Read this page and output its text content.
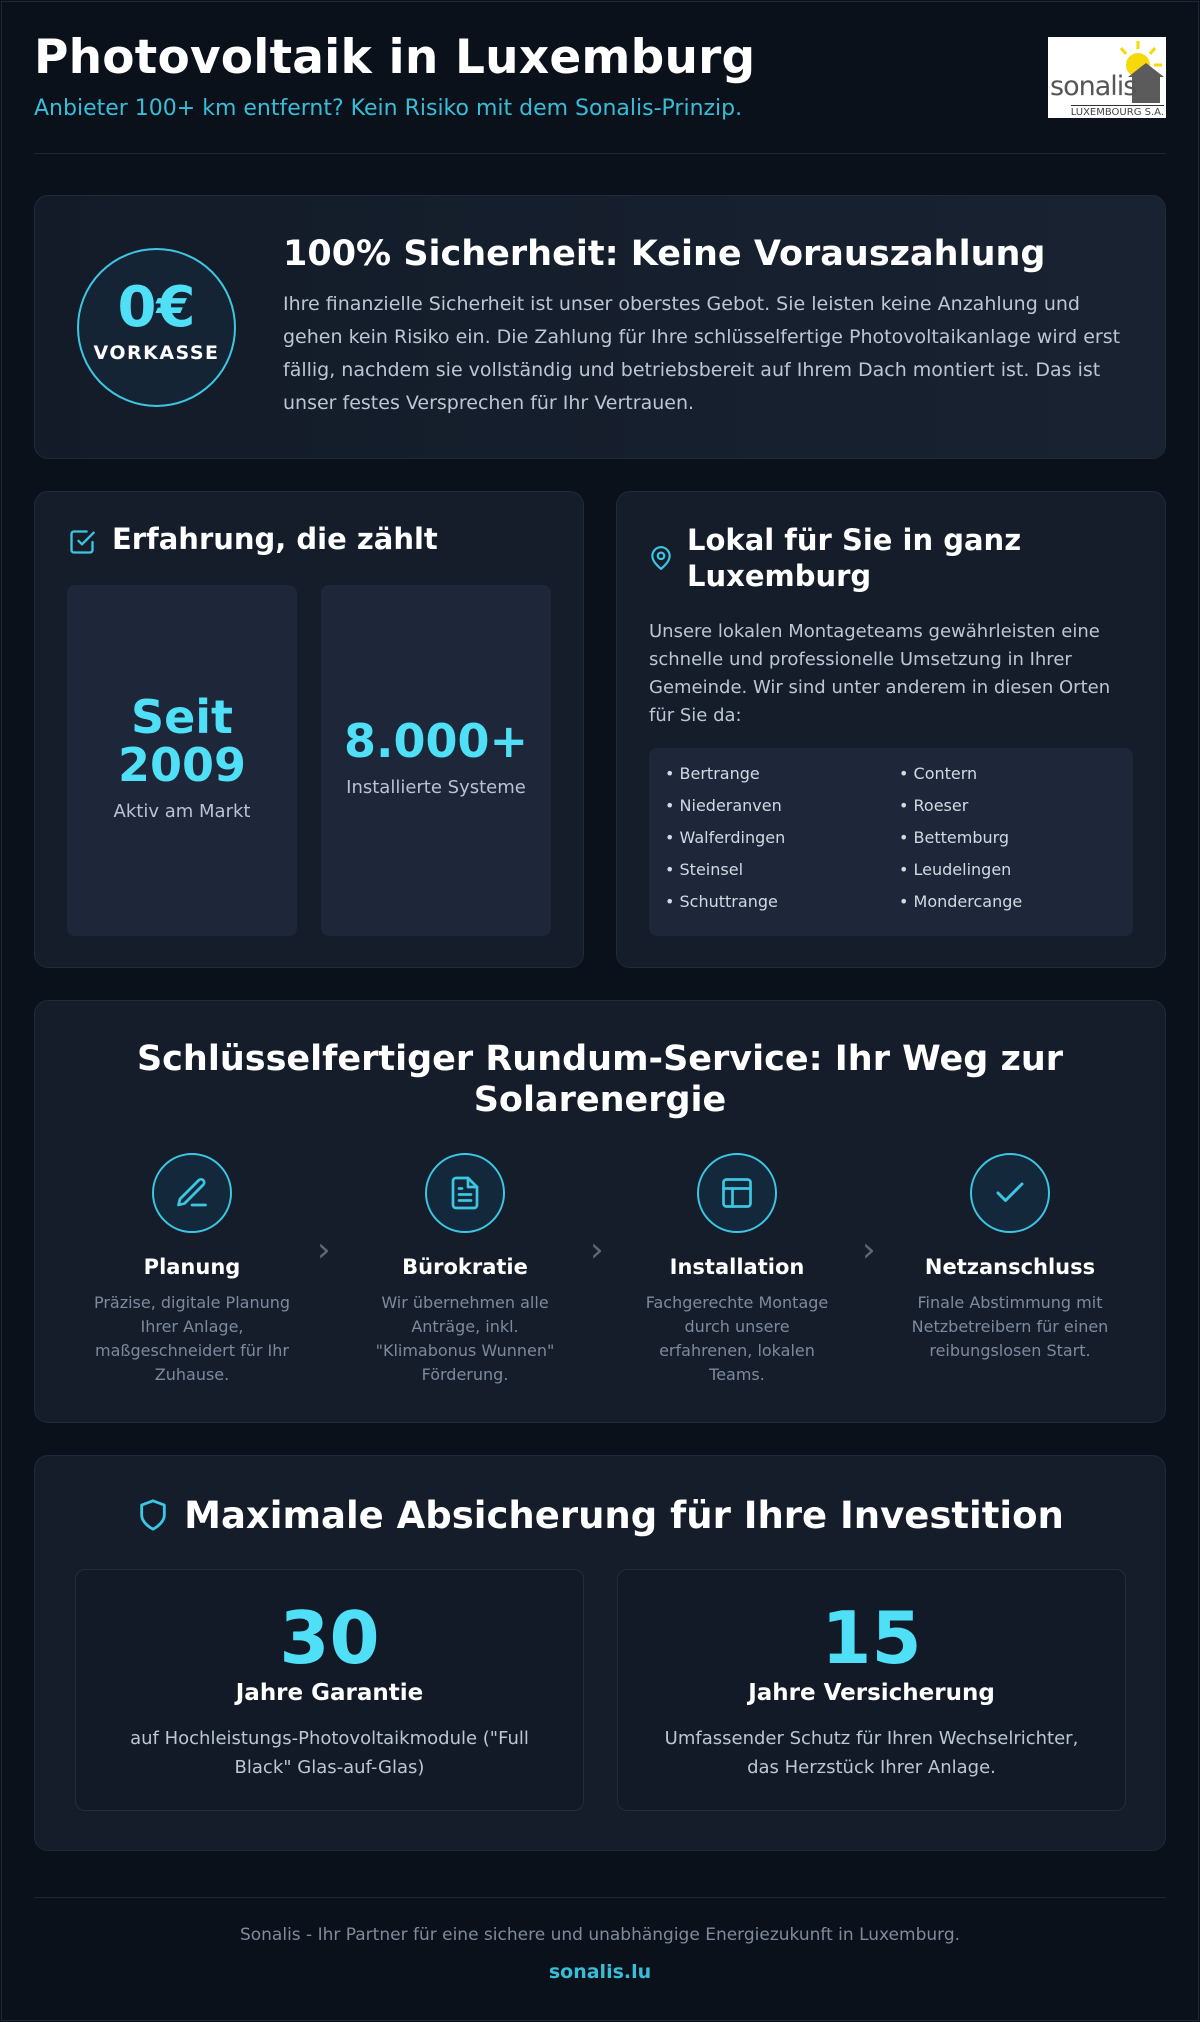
Photovoltaik in Luxemburg
Anbieter 100+ km entfernt? Kein Risiko mit dem Sonalis-Prinzip.
sonalis
LUXEMBOURG S.A.
0€
VORKASSE
100% Sicherheit: Keine Vorauszahlung
Ihre finanzielle Sicherheit ist unser oberstes Gebot. Sie leisten keine Anzahlung und gehen kein Risiko ein. Die Zahlung für Ihre schlüsselfertige Photovoltaikanlage wird erst fällig, nachdem sie vollständig und betriebsbereit auf Ihrem Dach montiert ist. Das ist unser festes Versprechen für Ihr Vertrauen.
Erfahrung, die zählt
Seit
2009
Aktiv am Markt
8.000+
Installierte Systeme
Lokal für Sie in ganz Luxemburg
Unsere lokalen Montageteams gewährleisten eine schnelle und professionelle Umsetzung in Ihrer Gemeinde. Wir sind unter anderem in diesen Orten für Sie da:
• Bertrange	• Contern
• Niederanven	• Roeser
• Walferdingen	• Bettemburg
• Steinsel	• Leudelingen
• Schuttrange	• Mondercange
Schlüsselfertiger Rundum-Service: Ihr Weg zur Solarenergie
Planung
Präzise, digitale Planung Ihrer Anlage, maßgeschneidert für Ihr Zuhause.
›	Bürokratie
Wir übernehmen alle Anträge, inkl. "Klimabonus Wunnen" Förderung.
›	Installation
Fachgerechte Montage durch unsere erfahrenen, lokalen Teams.
›	Netzanschluss
Finale Abstimmung mit Netzbetreibern für einen reibungslosen Start.
Maximale Absicherung für Ihre Investition
30
Jahre Garantie
auf Hochleistungs-Photovoltaikmodule ("Full Black" Glas-auf-Glas)
15
Jahre Versicherung
Umfassender Schutz für Ihren Wechselrichter, das Herzstück Ihrer Anlage.
Sonalis - Ihr Partner für eine sichere und unabhängige Energiezukunft in Luxemburg.
sonalis.lu
